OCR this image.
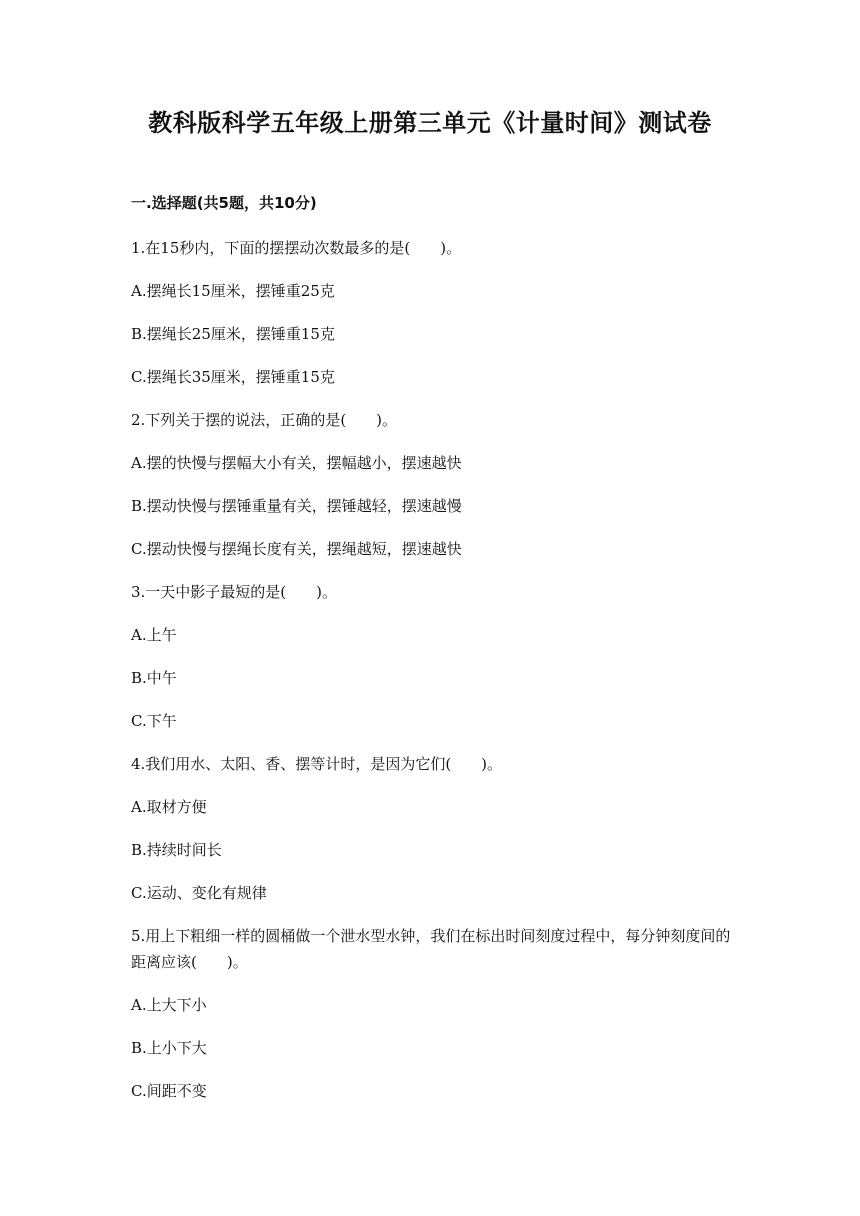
教科版科学五年级上册第三单元《计量时间》测试卷

一.选择题(共5题，共10分)

1.在15秒内，下面的摆摆动次数最多的是(　　)。

A.摆绳长15厘米，摆锤重25克

B.摆绳长25厘米，摆锤重15克

C.摆绳长35厘米，摆锤重15克

2.下列关于摆的说法，正确的是(　　)。

A.摆的快慢与摆幅大小有关，摆幅越小，摆速越快

B.摆动快慢与摆锤重量有关，摆锤越轻，摆速越慢

C.摆动快慢与摆绳长度有关，摆绳越短，摆速越快

3.一天中影子最短的是(　　)。

A.上午

B.中午

C.下午

4.我们用水、太阳、香、摆等计时，是因为它们(　　)。

A.取材方便

B.持续时间长

C.运动、变化有规律

5.用上下粗细一样的圆桶做一个泄水型水钟，我们在标出时间刻度过程中，每分钟刻度间的距离应该(　　)。

A.上大下小

B.上小下大

C.间距不变
